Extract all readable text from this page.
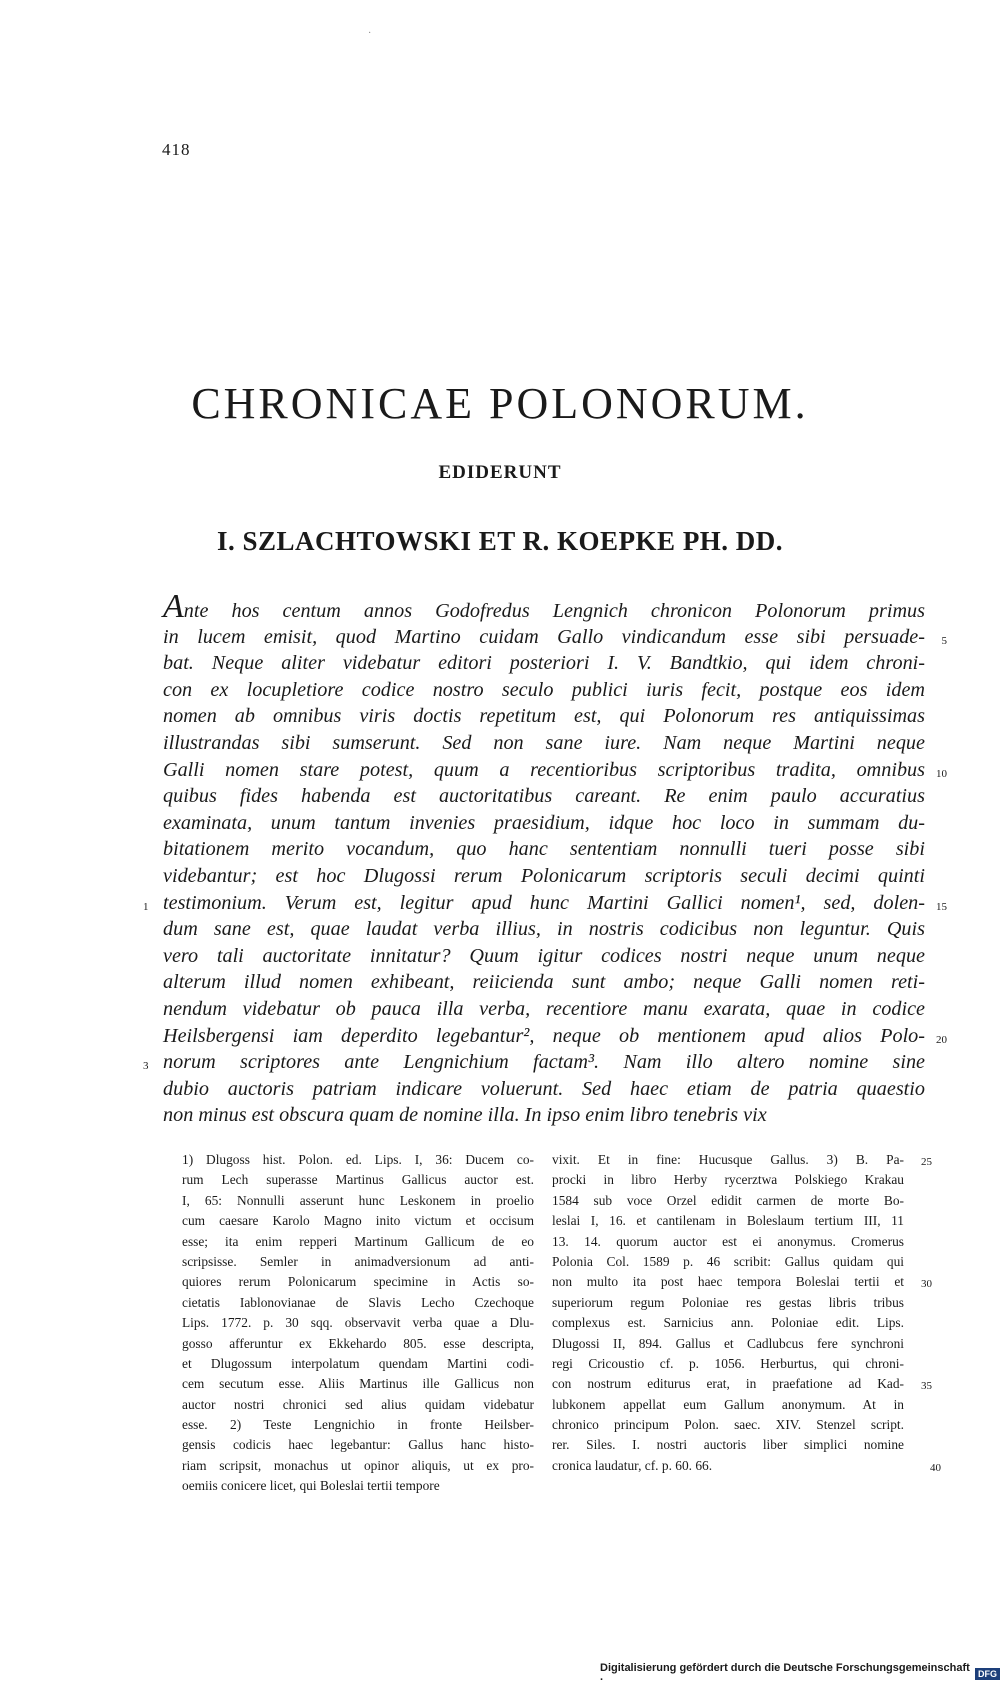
·
418
CHRONICAE POLONORUM.
EDIDERUNT
I. SZLACHTOWSKI ET R. KOEPKE PH. DD.
Ante hos centum annos Godofredus Lengnich chronicon Polonorum primus
in lucem emisit, quod Martino cuidam Gallo vindicandum esse sibi persuade- 5
bat. Neque aliter videbatur editori posteriori I. V. Bandtkio, qui idem chroni-
con ex locupletiore codice nostro seculo publici iuris fecit, postque eos idem
nomen ab omnibus viris doctis repetitum est, qui Polonorum res antiquissimas
illustrandas sibi sumserunt. Sed non sane iure. Nam neque Martini neque
Galli nomen stare potest, quum a recentioribus scriptoribus tradita, omnibus 10
quibus fides habenda est auctoritatibus careant. Re enim paulo accuratius
examinata, unum tantum invenies praesidium, idque hoc loco in summam du-
bitationem merito vocandum, quo hanc sententiam nonnulli tueri posse sibi
videbantur; est hoc Dlugossi rerum Polonicarum scriptoris seculi decimi quinti
testimonium. Verum est, legitur apud hunc Martini Gallici nomen¹, sed, dolen- 15
1
dum sane est, quae laudat verba illius, in nostris codicibus non leguntur. Quis
vero tali auctoritate innitatur? Quum igitur codices nostri neque unum neque
alterum illud nomen exhibeant, reiicienda sunt ambo; neque Galli nomen reti-
nendum videbatur ob pauca illa verba, recentiore manu exarata, quae in codice
Heilsbergensi iam deperdito legebantur², neque ob mentionem apud alios Polo- 20
norum scriptores ante Lengnichium factam³. Nam illo altero nomine sine
3
dubio auctoris patriam indicare voluerunt. Sed haec etiam de patria quaestio
non minus est obscura quam de nomine illa. In ipso enim libro tenebris vix
1) Dlugoss hist. Polon. ed. Lips. I, 36: Ducem co-
rum Lech superasse Martinus Gallicus auctor est.
I, 65: Nonnulli asserunt hunc Leskonem in proelio
cum caesare Karolo Magno inito victum et occisum
esse; ita enim repperi Martinum Gallicum de eo
scripsisse. Semler in animadversionum ad anti-
quiores rerum Polonicarum specimine in Actis so-
cietatis Iablonovianae de Slavis Lecho Czechoque
Lips. 1772. p. 30 sqq. observavit verba quae a Dlu-
gosso afferuntur ex Ekkehardo 805. esse descripta,
et Dlugossum interpolatum quendam Martini codi-
cem secutum esse. Aliis Martinus ille Gallicus non
auctor nostri chronici sed alius quidam videbatur
esse. 2) Teste Lengnichio in fronte Heilsber-
gensis codicis haec legebantur: Gallus hanc histo-
riam scripsit, monachus ut opinor aliquis, ut ex pro-
oemiis conicere licet, qui Boleslai tertii tempore
vixit. Et in fine: Hucusque Gallus. 3) B. Pa- 25
procki in libro Herby rycerztwa Polskiego Krakau
1584 sub voce Orzel edidit carmen de morte Bo-
leslai I, 16. et cantilenam in Boleslaum tertium III, 11
13. 14. quorum auctor est ei anonymus. Cromerus
Polonia Col. 1589 p. 46 scribit: Gallus quidam qui
non multo ita post haec tempora Boleslai tertii et 30
superiorum regum Poloniae res gestas libris tribus
complexus est. Sarnicius ann. Poloniae edit. Lips.
Dlugossi II, 894. Gallus et Cadlubcus fere synchroni
regi Cricoustio cf. p. 1056. Herburtus, qui chroni-
con nostrum editurus erat, in praefatione ad Kad- 35
lubkonem appellat eum Gallum anonymum. At in
chronico principum Polon. saec. XIV. Stenzel script.
rer. Siles. I. nostri auctoris liber simplici nomine
cronica laudatur, cf. p. 60. 66.	40
Digitalisierung gefördert durch die Deutsche Forschungsgemeinschaft ·	DFG
